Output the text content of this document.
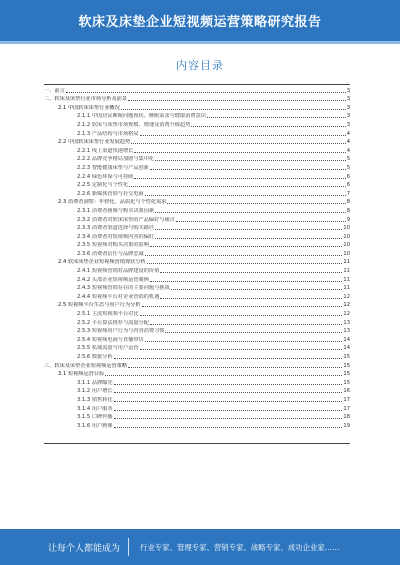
软床及床垫企业短视频运营策略研究报告
内容目录
一、前言	3
二、软床及床垫行业市场分析及前景	3
2.1 中国软床床垫行业概况	3
2.1.1 中国居民睡眠问题现状、睡眠需求与健康消费意识	3
2.1.2 软床与床垫市场规模、增速及消费升级趋势	3
2.1.3 产品结构与市场格局	4
2.2 中国软床床垫行业发展趋势	4
2.2.1 线上渠道快速增长	4
2.2.2 品牌竞争格局加剧与集中化	5
2.2.3 智能健康床垫与产品创新	5
2.2.4 绿色环保与可持续	6
2.2.5 定制化与个性化	6
2.2.6 新媒体营销与社交电商	7
2.3 消费者洞察：年轻化、品质化与个性化需求	8
2.3.1 消费者画像与购买决策因素	8
2.3.2 消费者对软床床垫的产品偏好与痛点	9
2.3.3 消费者渠道选择与购买路径	10
2.3.4 消费者对短视频内容的偏好	10
2.3.5 短视频对购买决策的影响	10
2.3.6 消费者信任与品牌忠诚	10
2.4 软床床垫企业短视频营销现状分析	11
2.4.1 短视频营销对品牌建设的价值	11
2.4.2 头部企业短视频运营案例	11
2.4.3 短视频营销存在的主要问题与挑战	11
2.4.4 短视频平台对企业营销的机遇	12
2.5 短视频平台生态与用户行为分析	12
2.5.1 主流短视频平台对比	12
2.5.2 平台算法推荐与流量分配	13
2.5.3 短视频用户行为与内容消费习惯	13
2.5.4 短视频电商与直播带货	14
2.5.5 私域流量与用户运营	14
2.5.6 数据分析	15
三、软床及床垫企业短视频运营策略	15
3.1 短视频运营目标	15
3.1.1 品牌曝光	15
3.1.2 用户增长	16
3.1.3 销售转化	17
3.1.4 用户服务	17
3.1.5 口碑传播	18
3.1.6 用户画像	19
让每个人都能成为	行业专家、管理专家、营销专家、战略专家、成功企业家……
